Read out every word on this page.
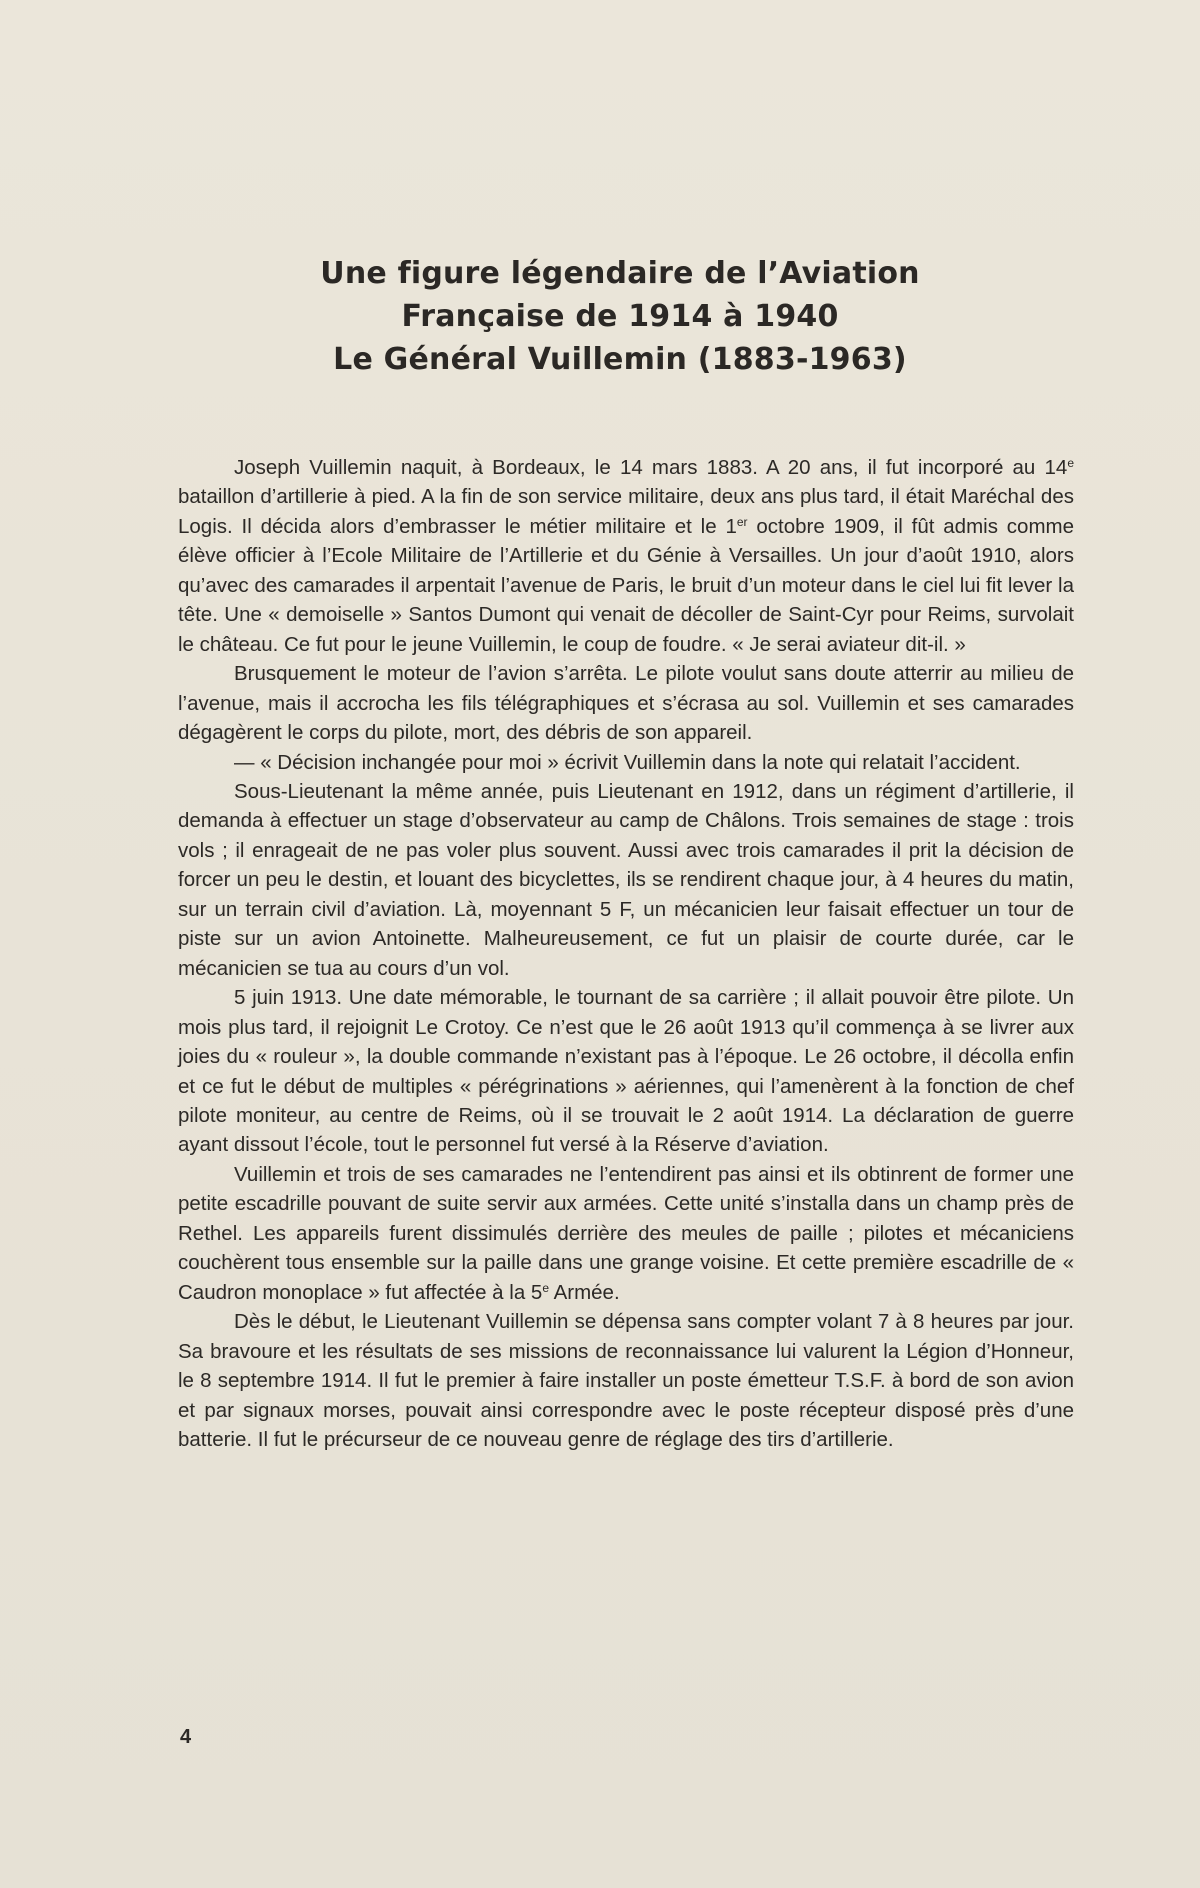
Une figure légendaire de l’Aviation
Française de 1914 à 1940
Le Général Vuillemin (1883-1963)

Joseph Vuillemin naquit, à Bordeaux, le 14 mars 1883. A 20 ans, il fut incorporé au 14e bataillon d’artillerie à pied. A la fin de son service militaire, deux ans plus tard, il était Maréchal des Logis. Il décida alors d’embrasser le métier militaire et le 1er octobre 1909, il fût admis comme élève officier à l’Ecole Militaire de l’Artillerie et du Génie à Versailles. Un jour d’août 1910, alors qu’avec des camarades il arpentait l’avenue de Paris, le bruit d’un moteur dans le ciel lui fit lever la tête. Une « demoiselle » Santos Dumont qui venait de décoller de Saint-Cyr pour Reims, survolait le château. Ce fut pour le jeune Vuillemin, le coup de foudre. « Je serai aviateur dit-il. »

Brusquement le moteur de l’avion s’arrêta. Le pilote voulut sans doute atterrir au milieu de l’avenue, mais il accrocha les fils télégraphiques et s’écrasa au sol. Vuillemin et ses camarades dégagèrent le corps du pilote, mort, des débris de son appareil.

— « Décision inchangée pour moi » écrivit Vuillemin dans la note qui relatait l’accident.

Sous-Lieutenant la même année, puis Lieutenant en 1912, dans un régiment d’artillerie, il demanda à effectuer un stage d’observateur au camp de Châlons. Trois semaines de stage : trois vols ; il enrageait de ne pas voler plus souvent. Aussi avec trois camarades il prit la décision de forcer un peu le destin, et louant des bicyclettes, ils se rendirent chaque jour, à 4 heures du matin, sur un terrain civil d’aviation. Là, moyennant 5 F, un mécanicien leur faisait effectuer un tour de piste sur un avion Antoinette. Malheureusement, ce fut un plaisir de courte durée, car le mécanicien se tua au cours d’un vol.

5 juin 1913. Une date mémorable, le tournant de sa carrière ; il allait pouvoir être pilote. Un mois plus tard, il rejoignit Le Crotoy. Ce n’est que le 26 août 1913 qu’il commença à se livrer aux joies du « rouleur », la double commande n’existant pas à l’époque. Le 26 octobre, il décolla enfin et ce fut le début de multiples « pérégrinations » aériennes, qui l’amenèrent à la fonction de chef pilote moniteur, au centre de Reims, où il se trouvait le 2 août 1914. La déclaration de guerre ayant dissout l’école, tout le personnel fut versé à la Réserve d’aviation.

Vuillemin et trois de ses camarades ne l’entendirent pas ainsi et ils obtinrent de former une petite escadrille pouvant de suite servir aux armées. Cette unité s’installa dans un champ près de Rethel. Les appareils furent dissimulés derrière des meules de paille ; pilotes et mécaniciens couchèrent tous ensemble sur la paille dans une grange voisine. Et cette première escadrille de « Caudron monoplace » fut affectée à la 5e Armée.

Dès le début, le Lieutenant Vuillemin se dépensa sans compter volant 7 à 8 heures par jour. Sa bravoure et les résultats de ses missions de reconnaissance lui valurent la Légion d’Honneur, le 8 septembre 1914. Il fut le premier à faire installer un poste émetteur T.S.F. à bord de son avion et par signaux morses, pouvait ainsi correspondre avec le poste récepteur disposé près d’une batterie. Il fut le précurseur de ce nouveau genre de réglage des tirs d’artillerie.

4
